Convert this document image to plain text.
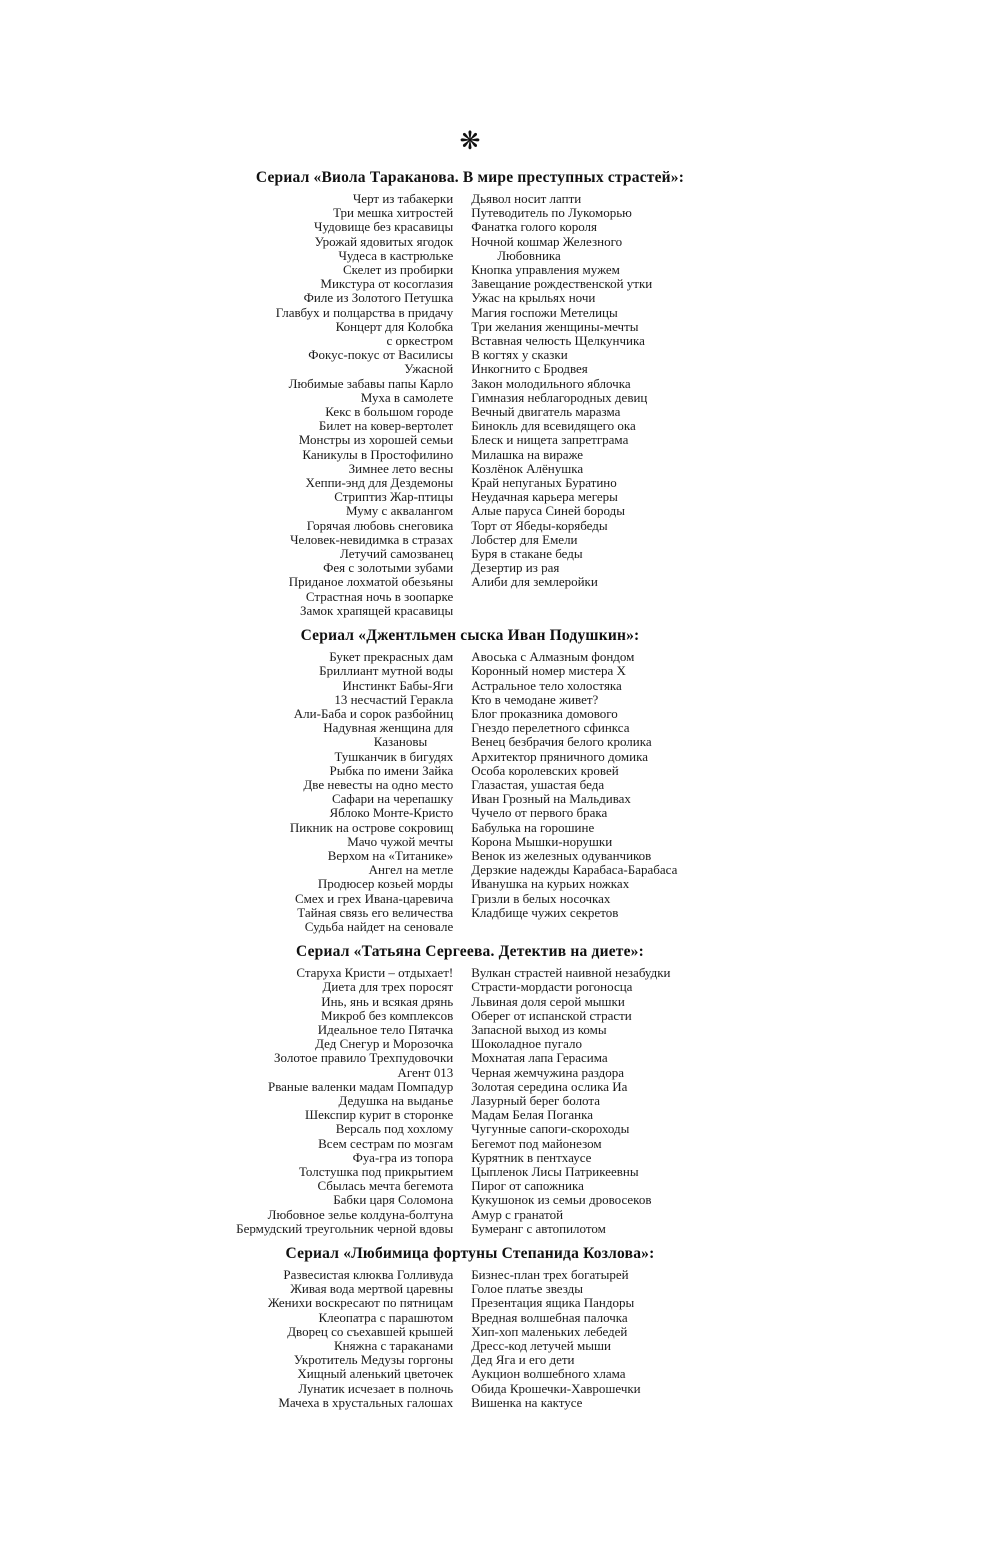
❋
Сериал «Виола Тараканова. В мире преступных страстей»:
Черт из табакерки
Три мешка хитростей
Чудовище без красавицы
Урожай ядовитых ягодок
Чудеса в кастрюльке
Скелет из пробирки
Микстура от косоглазия
Филе из Золотого Петушка
Главбух и полцарства в придачу
Концерт для Колобка
с оркестром
Фокус-покус от Василисы
Ужасной
Любимые забавы папы Карло
Муха в самолете
Кекс в большом городе
Билет на ковер-вертолет
Монстры из хорошей семьи
Каникулы в Простофилино
Зимнее лето весны
Хеппи-энд для Дездемоны
Стриптиз Жар-птицы
Муму с аквалангом
Горячая любовь снеговика
Человек-невидимка в стразах
Летучий самозванец
Фея с золотыми зубами
Приданое лохматой обезьяны
Страстная ночь в зоопарке
Замок храпящей красавицы
Дьявол носит лапти
Путеводитель по Лукоморью
Фанатка голого короля
Ночной кошмар Железного
Любовника
Кнопка управления мужем
Завещание рождественской утки
Ужас на крыльях ночи
Магия госпожи Метелицы
Три желания женщины-мечты
Вставная челюсть Щелкунчика
В когтях у сказки
Инкогнито с Бродвея
Закон молодильного яблочка
Гимназия неблагородных девиц
Вечный двигатель маразма
Бинокль для всевидящего ока
Блеск и нищета запретграма
Милашка на вираже
Козлёнок Алёнушка
Край непуганых Буратино
Неудачная карьера мегеры
Алые паруса Синей бороды
Торт от Ябеды-корябеды
Лобстер для Емели
Буря в стакане беды
Дезертир из рая
Алиби для землеройки
Сериал «Джентльмен сыска Иван Подушкин»:
Букет прекрасных дам
Бриллиант мутной воды
Инстинкт Бабы-Яги
13 несчастий Геракла
Али-Баба и сорок разбойниц
Надувная женщина для
Казановы
Тушканчик в бигудях
Рыбка по имени Зайка
Две невесты на одно место
Сафари на черепашку
Яблоко Монте-Кристо
Пикник на острове сокровищ
Мачо чужой мечты
Верхом на «Титанике»
Ангел на метле
Продюсер козьей морды
Смех и грех Ивана-царевича
Тайная связь его величества
Судьба найдет на сеновале
Авоська с Алмазным фондом
Коронный номер мистера Х
Астральное тело холостяка
Кто в чемодане живет?
Блог проказника домового
Гнездо перелетного сфинкса
Венец безбрачия белого кролика
Архитектор пряничного домика
Особа королевских кровей
Глазастая, ушастая беда
Иван Грозный на Мальдивах
Чучело от первого брака
Бабулька на горошине
Корона Мышки-норушки
Венок из железных одуванчиков
Дерзкие надежды Карабаса-Барабаса
Иванушка на курьих ножках
Гризли в белых носочках
Кладбище чужих секретов
Сериал «Татьяна Сергеева. Детектив на диете»:
Старуха Кристи – отдыхает!
Диета для трех поросят
Инь, янь и всякая дрянь
Микроб без комплексов
Идеальное тело Пятачка
Дед Снегур и Морозочка
Золотое правило Трехпудовочки
Агент 013
Рваные валенки мадам Помпадур
Дедушка на выданье
Шекспир курит в сторонке
Версаль под хохлому
Всем сестрам по мозгам
Фуа-гра из топора
Толстушка под прикрытием
Сбылась мечта бегемота
Бабки царя Соломона
Любовное зелье колдуна-болтуна
Бермудский треугольник черной вдовы
Вулкан страстей наивной незабудки
Страсти-мордасти рогоносца
Львиная доля серой мышки
Оберег от испанской страсти
Запасной выход из комы
Шоколадное пугало
Мохнатая лапа Герасима
Черная жемчужина раздора
Золотая середина ослика Иа
Лазурный берег болота
Мадам Белая Поганка
Чугунные сапоги-скороходы
Бегемот под майонезом
Курятник в пентхаусе
Цыпленок Лисы Патрикеевны
Пирог от сапожника
Кукушонок из семьи дровосеков
Амур с гранатой
Бумеранг с автопилотом
Сериал «Любимица фортуны Степанида Козлова»:
Развесистая клюква Голливуда
Живая вода мертвой царевны
Женихи воскресают по пятницам
Клеопатра с парашютом
Дворец со съехавшей крышей
Княжна с тараканами
Укротитель Медузы горгоны
Хищный аленький цветочек
Лунатик исчезает в полночь
Мачеха в хрустальных галошах
Бизнес-план трех богатырей
Голое платье звезды
Презентация ящика Пандоры
Вредная волшебная палочка
Хип-хоп маленьких лебедей
Дресс-код летучей мыши
Дед Яга и его дети
Аукцион волшебного хлама
Обида Крошечки-Хаврошечки
Вишенка на кактусе
